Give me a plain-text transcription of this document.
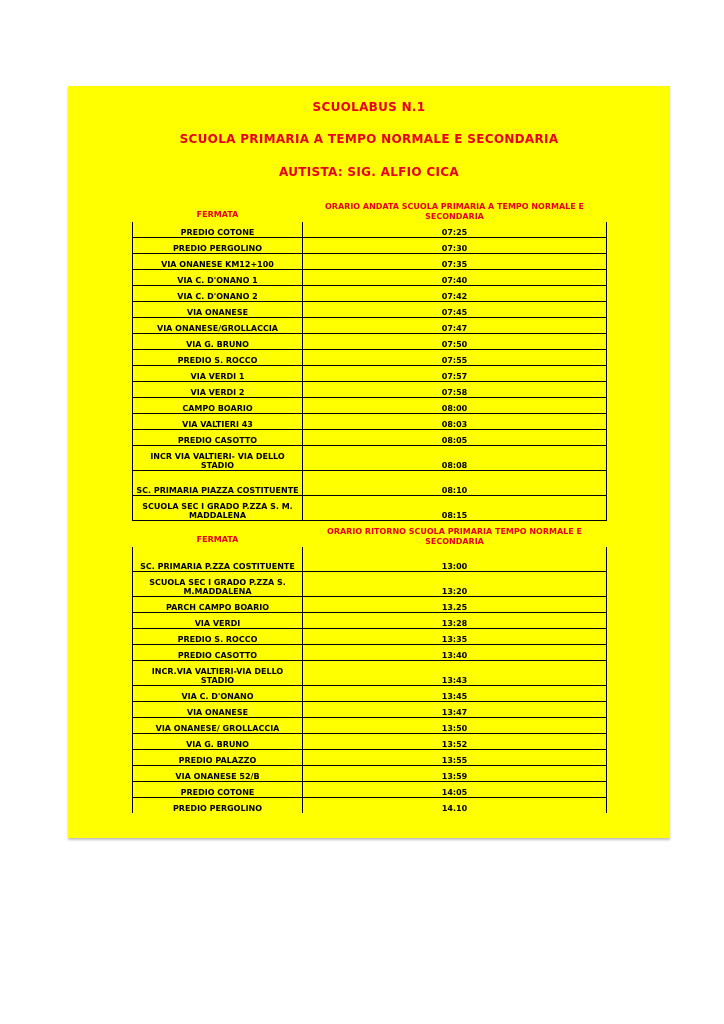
SCUOLABUS N.1
SCUOLA PRIMARIA A TEMPO NORMALE E SECONDARIA
AUTISTA: SIG. ALFIO CICA
FERMATA	ORARIO ANDATA SCUOLA PRIMARIA A TEMPO NORMALE E SECONDARIA
PREDIO COTONE	07:25
PREDIO PERGOLINO	07:30
VIA ONANESE KM12+100	07:35
VIA C. D'ONANO 1	07:40
VIA C. D'ONANO 2	07:42
VIA ONANESE	07:45
VIA ONANESE/GROLLACCIA	07:47
VIA G. BRUNO	07:50
PREDIO S. ROCCO	07:55
VIA VERDI 1	07:57
VIA VERDI 2	07:58
CAMPO BOARIO	08:00
VIA VALTIERI 43	08:03
PREDIO CASOTTO	08:05
INCR VIA VALTIERI- VIA DELLO STADIO	08:08
SC. PRIMARIA PIAZZA COSTITUENTE	08:10
SCUOLA SEC I GRADO P.ZZA S. M. MADDALENA	08:15
FERMATA	ORARIO RITORNO SCUOLA PRIMARIA TEMPO NORMALE E SECONDARIA
SC. PRIMARIA P.ZZA COSTITUENTE	13:00
SCUOLA SEC I GRADO P.ZZA S. M.MADDALENA	13:20
PARCH CAMPO BOARIO	13.25
VIA VERDI	13:28
PREDIO S. ROCCO	13:35
PREDIO CASOTTO	13:40
INCR.VIA VALTIERI-VIA DELLO STADIO	13:43
VIA C. D'ONANO	13:45
VIA ONANESE	13:47
VIA ONANESE/ GROLLACCIA	13:50
VIA G. BRUNO	13:52
PREDIO PALAZZO	13:55
VIA ONANESE 52/B	13:59
PREDIO COTONE	14:05
PREDIO PERGOLINO	14.10
